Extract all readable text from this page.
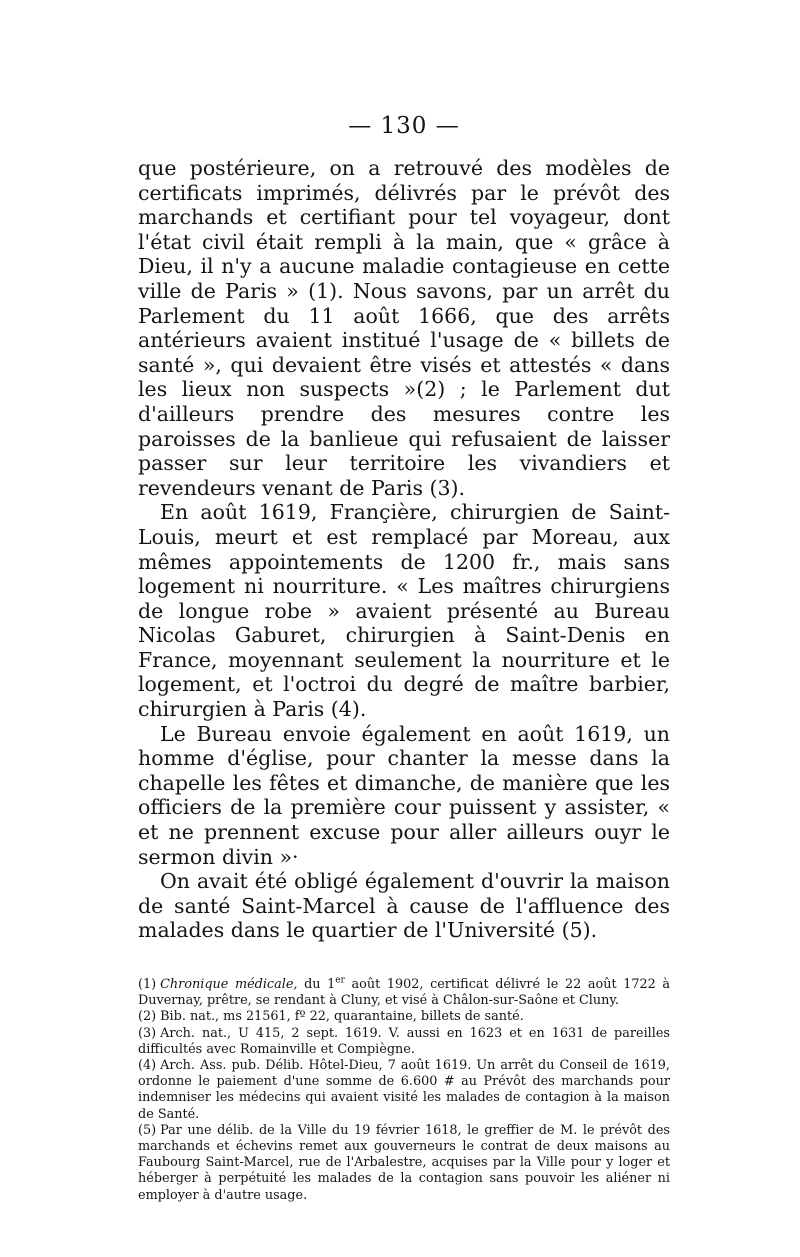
— 130 —

que postérieure, on a retrouvé des modèles de certificats imprimés, délivrés par le prévôt des marchands et certifiant pour tel voyageur, dont l'état civil était rempli à la main, que « grâce à Dieu, il n'y a aucune maladie contagieuse en cette ville de Paris » (1). Nous savons, par un arrêt du Parlement du 11 août 1666, que des arrêts antérieurs avaient institué l'usage de « billets de santé », qui devaient être visés et attestés « dans les lieux non suspects »(2) ; le Parlement dut d'ailleurs prendre des mesures contre les paroisses de la banlieue qui refusaient de laisser passer sur leur territoire les vivandiers et revendeurs venant de Paris (3).

En août 1619, Françière, chirurgien de Saint-Louis, meurt et est remplacé par Moreau, aux mêmes appointements de 1200 fr., mais sans logement ni nourriture. « Les maîtres chirurgiens de longue robe » avaient présenté au Bureau Nicolas Gaburet, chirurgien à Saint-Denis en France, moyennant seulement la nourriture et le logement, et l'octroi du degré de maître barbier, chirurgien à Paris (4).

Le Bureau envoie également en août 1619, un homme d'église, pour chanter la messe dans la chapelle les fêtes et dimanche, de manière que les officiers de la première cour puissent y assister, « et ne prennent excuse pour aller ailleurs ouyr le sermon divin »·

On avait été obligé également d'ouvrir la maison de santé Saint-Marcel à cause de l'affluence des malades dans le quartier de l'Université (5).

(1) Chronique médicale, du 1er août 1902, certificat délivré le 22 août 1722 à Duvernay, prêtre, se rendant à Cluny, et visé à Châlon-sur-Saône et Cluny.

(2) Bib. nat., ms 21561, fº 22, quarantaine, billets de santé.

(3) Arch. nat., U 415, 2 sept. 1619. V. aussi en 1623 et en 1631 de pareilles difficultés avec Romainville et Compiègne.

(4) Arch. Ass. pub. Délib. Hôtel-Dieu, 7 août 1619. Un arrêt du Conseil de 1619, ordonne le paiement d'une somme de 6.600 # au Prévôt des marchands pour indemniser les médecins qui avaient visité les malades de contagion à la maison de Santé.

(5) Par une délib. de la Ville du 19 février 1618, le greffier de M. le prévôt des marchands et échevins remet aux gouverneurs le contrat de deux maisons au Faubourg Saint-Marcel, rue de l'Arbalestre, acquises par la Ville pour y loger et héberger à perpétuité les malades de la contagion sans pouvoir les aliéner ni employer à d'autre usage.
